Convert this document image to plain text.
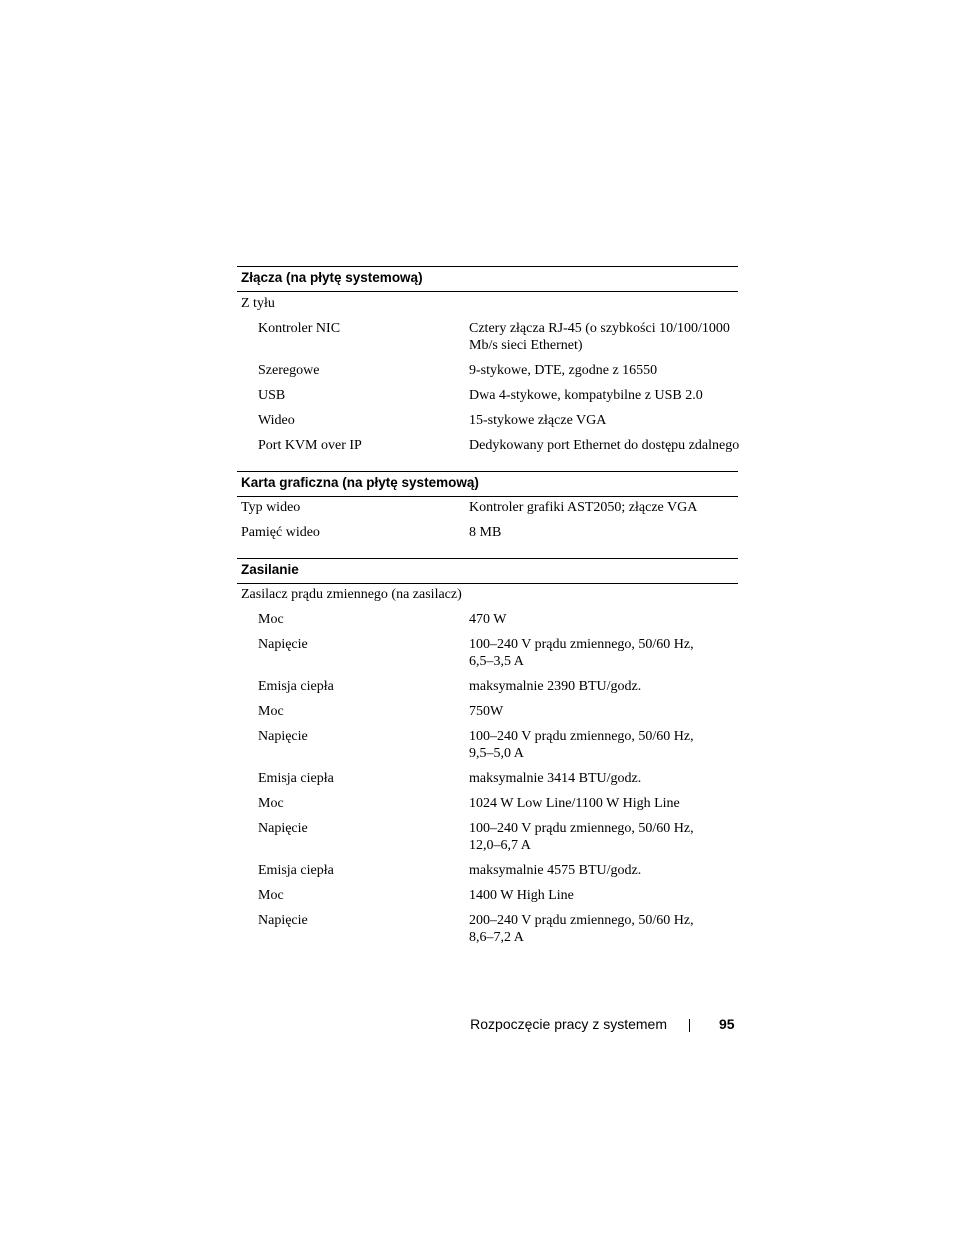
Złącza (na płytę systemową)
Z tyłu
Kontroler NIC	Cztery złącza RJ-45 (o szybkości 10/100/1000 Mb/s sieci Ethernet)
Szeregowe	9-stykowe, DTE, zgodne z 16550
USB	Dwa 4-stykowe, kompatybilne z USB 2.0
Wideo	15-stykowe złącze VGA
Port KVM over IP	Dedykowany port Ethernet do dostępu zdalnego
Karta graficzna (na płytę systemową)
Typ wideo	Kontroler grafiki AST2050; złącze VGA
Pamięć wideo	8 MB
Zasilanie
Zasilacz prądu zmiennego (na zasilacz)
Moc	470 W
Napięcie	100–240 V prądu zmiennego, 50/60 Hz, 6,5–3,5 A
Emisja ciepła	maksymalnie 2390 BTU/godz.
Moc	750W
Napięcie	100–240 V prądu zmiennego, 50/60 Hz, 9,5–5,0 A
Emisja ciepła	maksymalnie 3414 BTU/godz.
Moc	1024 W Low Line/1100 W High Line
Napięcie	100–240 V prądu zmiennego, 50/60 Hz, 12,0–6,7 A
Emisja ciepła	maksymalnie 4575 BTU/godz.
Moc	1400 W High Line
Napięcie	200–240 V prądu zmiennego, 50/60 Hz, 8,6–7,2 A
Rozpoczęcie pracy z systemem	95
